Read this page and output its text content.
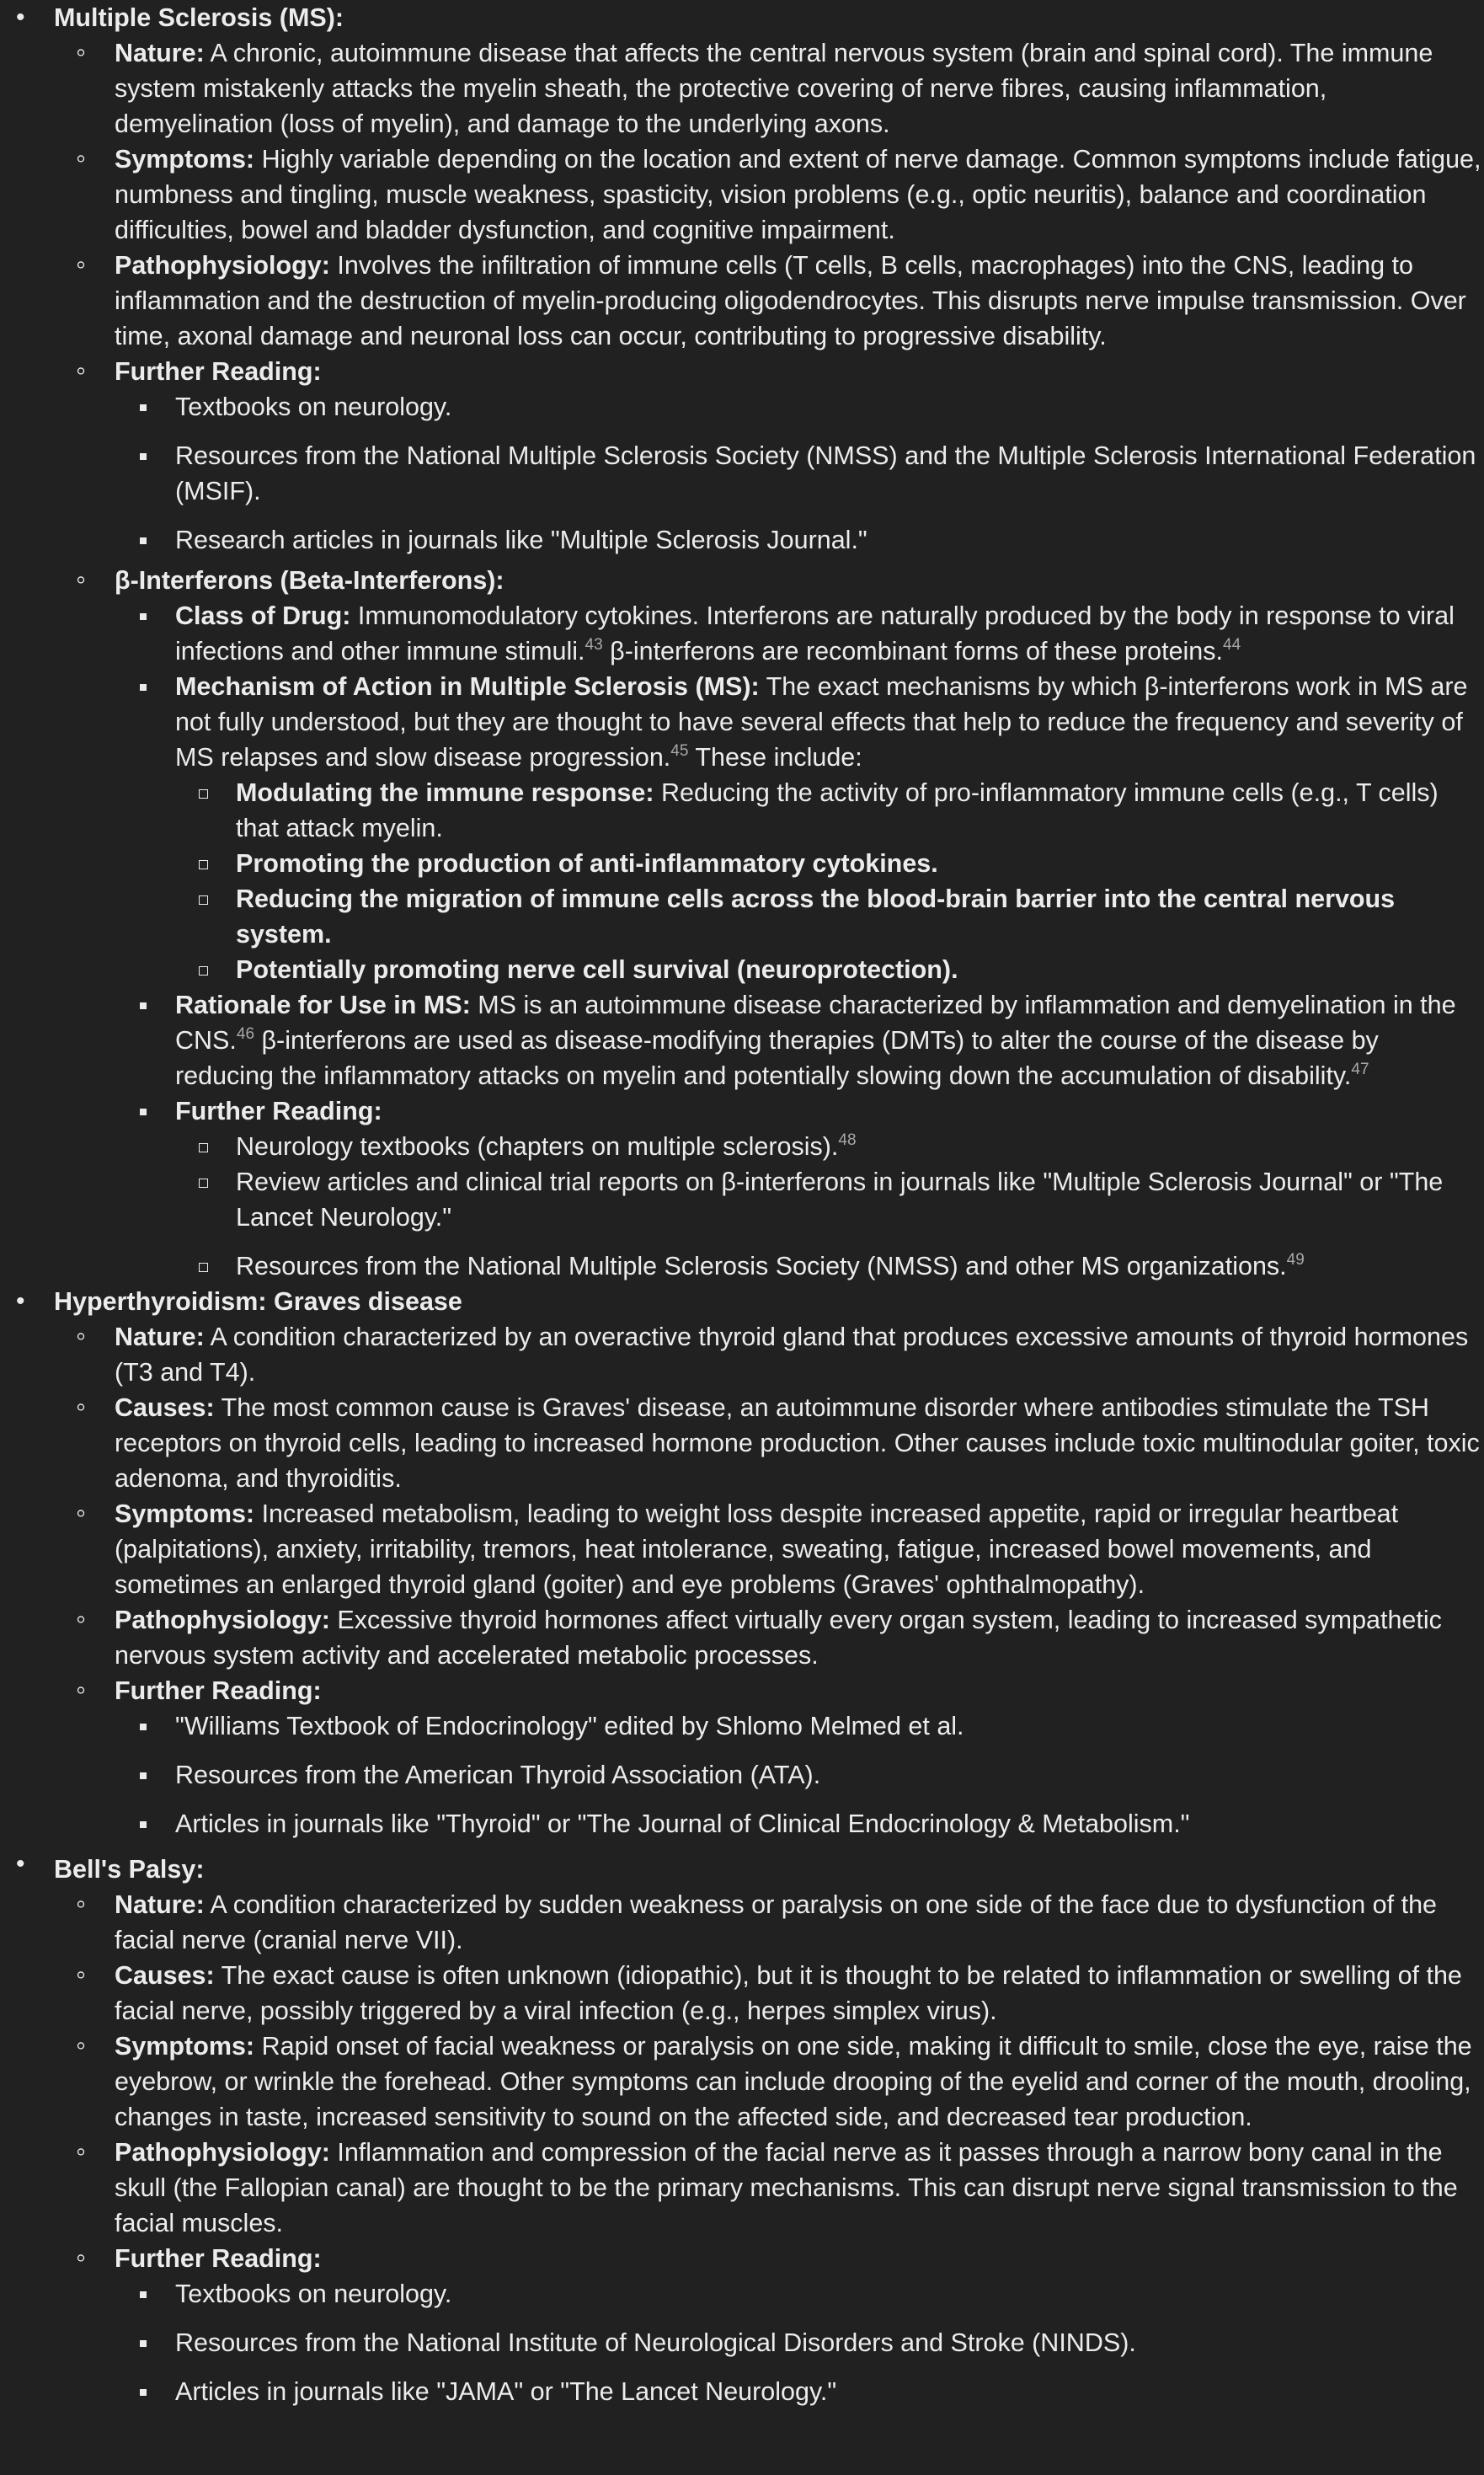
• Multiple Sclerosis (MS):
◦ Nature: A chronic, autoimmune disease that affects the central nervous system (brain and spinal cord). The immune system mistakenly attacks the myelin sheath, the protective covering of nerve fibres, causing inflammation, demyelination (loss of myelin), and damage to the underlying axons.
◦ Symptoms: Highly variable depending on the location and extent of nerve damage. Common symptoms include fatigue, numbness and tingling, muscle weakness, spasticity, vision problems (e.g., optic neuritis), balance and coordination difficulties, bowel and bladder dysfunction, and cognitive impairment.
◦ Pathophysiology: Involves the infiltration of immune cells (T cells, B cells, macrophages) into the CNS, leading to inflammation and the destruction of myelin-producing oligodendrocytes. This disrupts nerve impulse transmission. Over time, axonal damage and neuronal loss can occur, contributing to progressive disability.
◦ Further Reading:
Textbooks on neurology.
Resources from the National Multiple Sclerosis Society (NMSS) and the Multiple Sclerosis International Federation (MSIF).
Research articles in journals like "Multiple Sclerosis Journal."
◦ β-Interferons (Beta-Interferons):
Class of Drug: Immunomodulatory cytokines. Interferons are naturally produced by the body in response to viral infections and other immune stimuli.$^{43}$ β-interferons are recombinant forms of these proteins.$^{44}$
Mechanism of Action in Multiple Sclerosis (MS): The exact mechanisms by which β-interferons work in MS are not fully understood, but they are thought to have several effects that help to reduce the frequency and severity of MS relapses and slow disease progression.$^{45}$ These include:
Modulating the immune response: Reducing the activity of pro-inflammatory immune cells (e.g., T cells) that attack myelin.
Promoting the production of anti-inflammatory cytokines.
Reducing the migration of immune cells across the blood-brain barrier into the central nervous system.
Potentially promoting nerve cell survival (neuroprotection).
Rationale for Use in MS: MS is an autoimmune disease characterized by inflammation and demyelination in the CNS.$^{46}$ β-interferons are used as disease-modifying therapies (DMTs) to alter the course of the disease by reducing the inflammatory attacks on myelin and potentially slowing down the accumulation of disability.$^{47}$
Further Reading:
Neurology textbooks (chapters on multiple sclerosis).$^{48}$
Review articles and clinical trial reports on β-interferons in journals like "Multiple Sclerosis Journal" or "The Lancet Neurology."
Resources from the National Multiple Sclerosis Society (NMSS) and other MS organizations.$^{49}$
• Hyperthyroidism: Graves disease
◦ Nature: A condition characterized by an overactive thyroid gland that produces excessive amounts of thyroid hormones (T3 and T4).
◦ Causes: The most common cause is Graves' disease, an autoimmune disorder where antibodies stimulate the TSH receptors on thyroid cells, leading to increased hormone production. Other causes include toxic multinodular goiter, toxic adenoma, and thyroiditis.
◦ Symptoms: Increased metabolism, leading to weight loss despite increased appetite, rapid or irregular heartbeat (palpitations), anxiety, irritability, tremors, heat intolerance, sweating, fatigue, increased bowel movements, and sometimes an enlarged thyroid gland (goiter) and eye problems (Graves' ophthalmopathy).
◦ Pathophysiology: Excessive thyroid hormones affect virtually every organ system, leading to increased sympathetic nervous system activity and accelerated metabolic processes.
◦ Further Reading:
"Williams Textbook of Endocrinology" edited by Shlomo Melmed et al.
Resources from the American Thyroid Association (ATA).
Articles in journals like "Thyroid" or "The Journal of Clinical Endocrinology & Metabolism."
• Bell's Palsy:
◦ Nature: A condition characterized by sudden weakness or paralysis on one side of the face due to dysfunction of the facial nerve (cranial nerve VII).
◦ Causes: The exact cause is often unknown (idiopathic), but it is thought to be related to inflammation or swelling of the facial nerve, possibly triggered by a viral infection (e.g., herpes simplex virus).
◦ Symptoms: Rapid onset of facial weakness or paralysis on one side, making it difficult to smile, close the eye, raise the eyebrow, or wrinkle the forehead. Other symptoms can include drooping of the eyelid and corner of the mouth, drooling, changes in taste, increased sensitivity to sound on the affected side, and decreased tear production.
◦ Pathophysiology: Inflammation and compression of the facial nerve as it passes through a narrow bony canal in the skull (the Fallopian canal) are thought to be the primary mechanisms. This can disrupt nerve signal transmission to the facial muscles.
◦ Further Reading:
Textbooks on neurology.
Resources from the National Institute of Neurological Disorders and Stroke (NINDS).
Articles in journals like "JAMA" or "The Lancet Neurology."
